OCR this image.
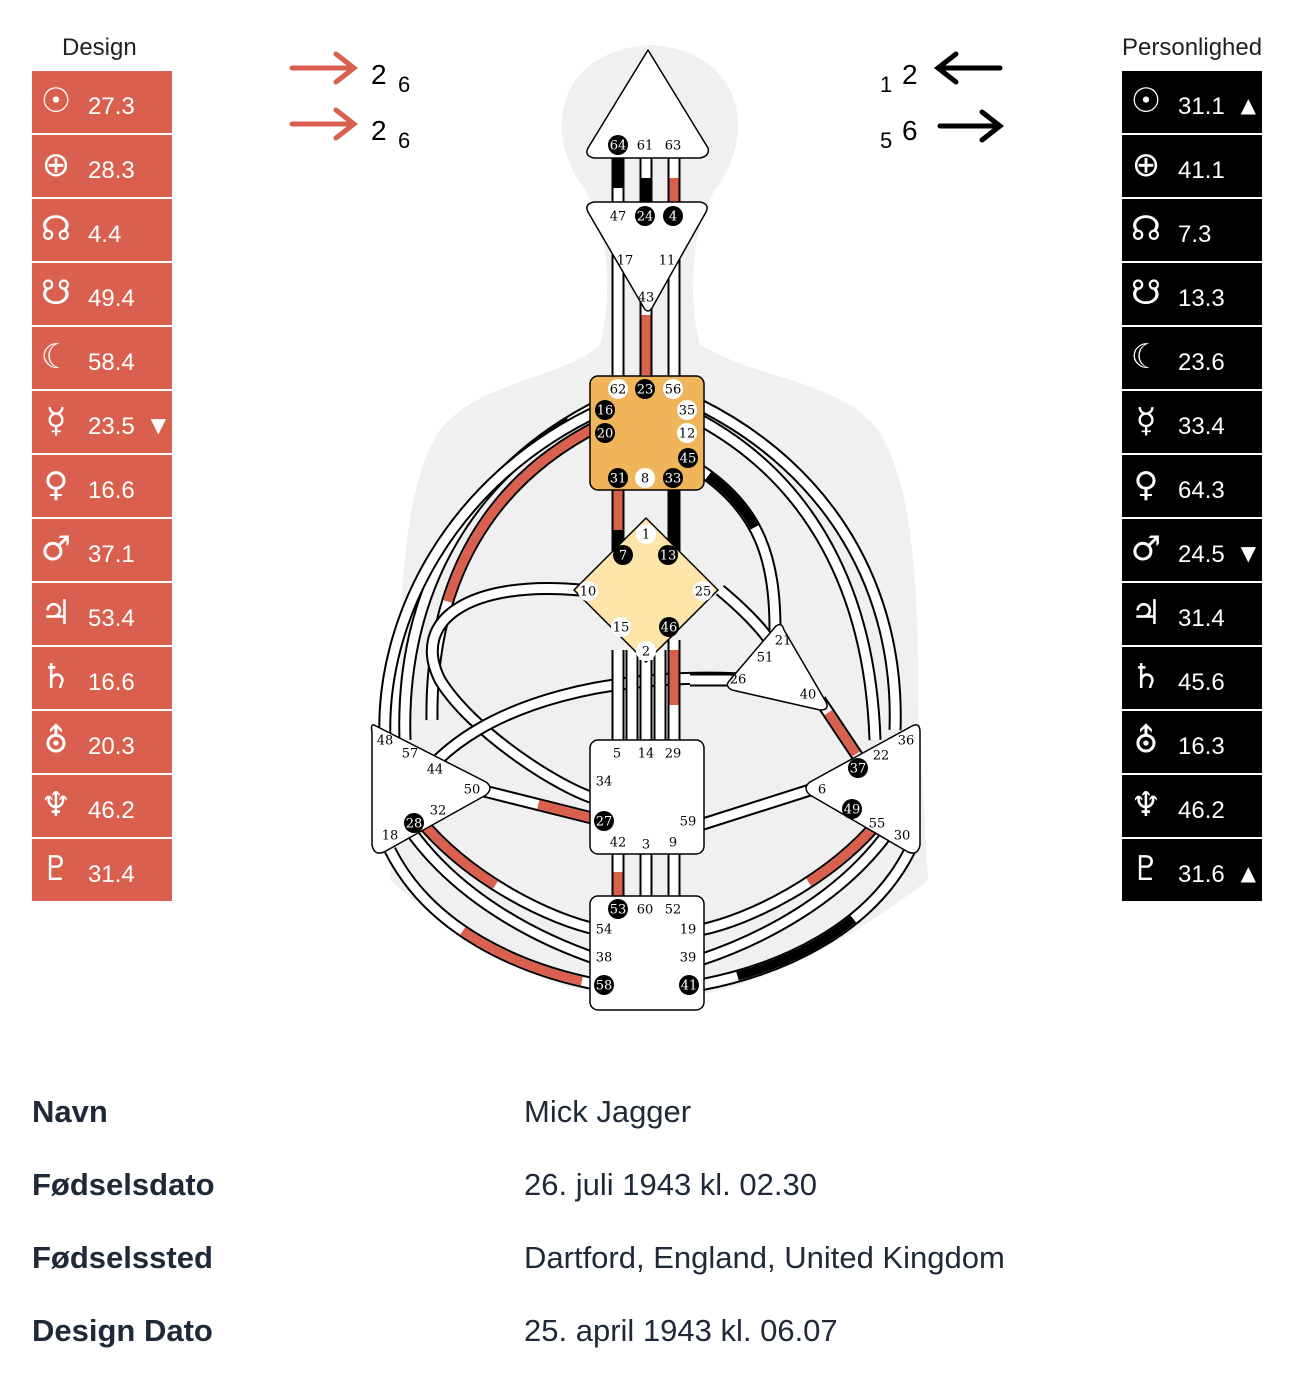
Design	Personlighed
☉ 27.3
⊕ 28.3
☊ 4.4
☋ 49.4
☾ 58.4
☿ 23.5 ▼
♀ 16.6
♂ 37.1
♃ 53.4
♄ 16.6
⛢ 20.3
♆ 46.2
♇ 31.4
☉ 31.1 ▲
⊕ 41.1
☊ 7.3
☋ 13.3
☾ 23.6
☿ 33.4
♀ 64.3
♂ 24.5 ▼
♃ 31.4
♄ 45.6
⛢ 16.3
♆ 46.2
♇ 31.6 ▲
64 61 63
47 24 4
17 11
43
62 23 56
16	35
20	12
45
31 8 33
1
7	13
10	25
15 46
2
21
51
26
40
48
57
44
50
32
28
18
5 14 29
34
27	59
42 3 9
36
22
37
6
49
55
30
53 60 52
54	19
38	39
58	41
2 6
2 6
1 2
5 6
Navn	Mick Jagger
Fødselsdato	26. juli 1943 kl. 02.30
Fødselssted	Dartford, England, United Kingdom
Design Dato	25. april 1943 kl. 06.07
